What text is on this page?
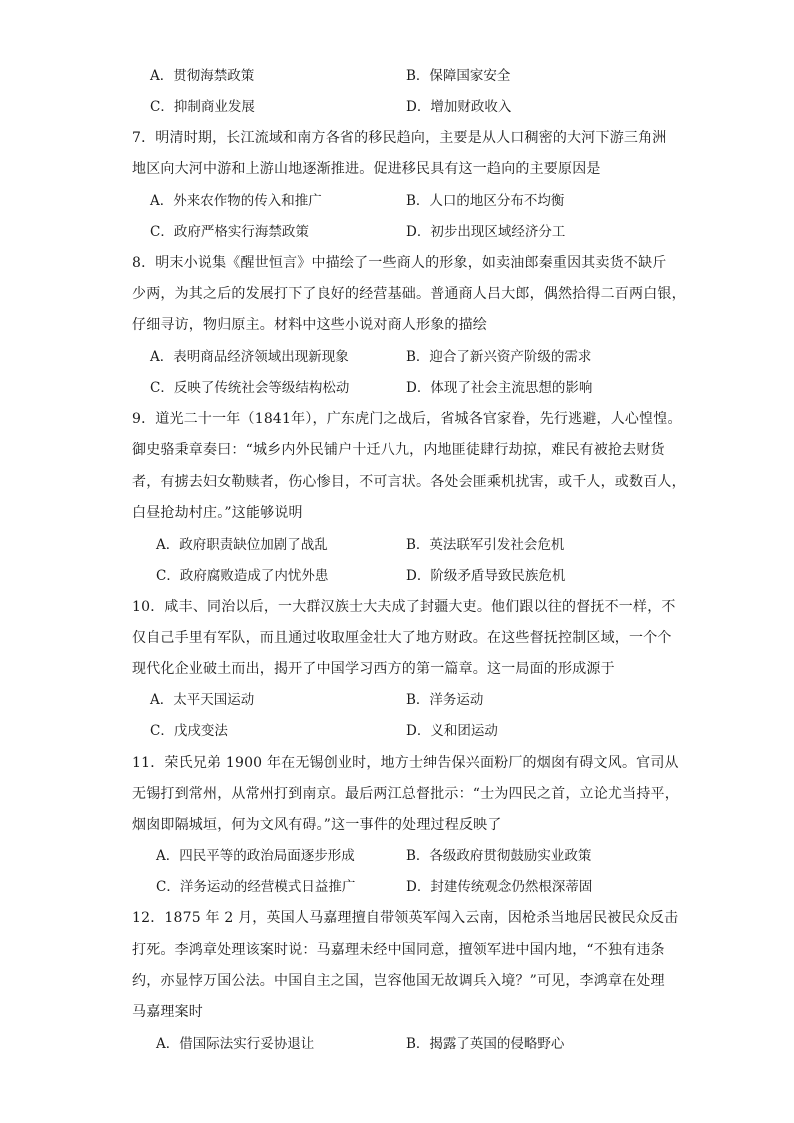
A．贯彻海禁政策	B．保障国家安全
C．抑制商业发展	D．增加财政收入
7．明清时期，长江流域和南方各省的移民趋向，主要是从人口稠密的大河下游三角洲
地区向大河中游和上游山地逐渐推进。促进移民具有这一趋向的主要原因是
A．外来农作物的传入和推广	B．人口的地区分布不均衡
C．政府严格实行海禁政策	D．初步出现区域经济分工
8．明末小说集《醒世恒言》中描绘了一些商人的形象，如卖油郎秦重因其卖货不缺斤
少两，为其之后的发展打下了良好的经营基础。普通商人吕大郎，偶然拾得二百两白银，
仔细寻访，物归原主。材料中这些小说对商人形象的描绘
A．表明商品经济领域出现新现象	B．迎合了新兴资产阶级的需求
C．反映了传统社会等级结构松动	D．体现了社会主流思想的影响
9．道光二十一年（1841年），广东虎门之战后，省城各官家眷，先行逃避，人心惶惶。
御史骆秉章奏曰：“城乡内外民铺户十迁八九，内地匪徒肆行劫掠，难民有被抢去财货
者，有掳去妇女勒赎者，伤心惨目，不可言状。各处会匪乘机扰害，或千人，或数百人，
白昼抢劫村庄。”这能够说明
A．政府职责缺位加剧了战乱	B．英法联军引发社会危机
C．政府腐败造成了内忧外患	D．阶级矛盾导致民族危机
10．咸丰、同治以后，一大群汉族士大夫成了封疆大吏。他们跟以往的督抚不一样，不
仅自己手里有军队，而且通过收取厘金壮大了地方财政。在这些督抚控制区域，一个个
现代化企业破土而出，揭开了中国学习西方的第一篇章。这一局面的形成源于
A．太平天国运动	B．洋务运动
C．戊戌变法	D．义和团运动
11．荣氏兄弟 1900 年在无锡创业时，地方士绅告保兴面粉厂的烟囱有碍文风。官司从
无锡打到常州，从常州打到南京。最后两江总督批示：“士为四民之首，立论尤当持平，
烟囱即隔城垣，何为文风有碍。”这一事件的处理过程反映了
A．四民平等的政治局面逐步形成	B．各级政府贯彻鼓励实业政策
C．洋务运动的经营模式日益推广	D．封建传统观念仍然根深蒂固
12．1875 年 2 月，英国人马嘉理擅自带领英军闯入云南，因枪杀当地居民被民众反击
打死。李鸿章处理该案时说：马嘉理未经中国同意，擅领军进中国内地，“不独有违条
约，亦显悖万国公法。中国自主之国，岂容他国无故调兵入境？”可见，李鸿章在处理
马嘉理案时
A．借国际法实行妥协退让	B．揭露了英国的侵略野心
